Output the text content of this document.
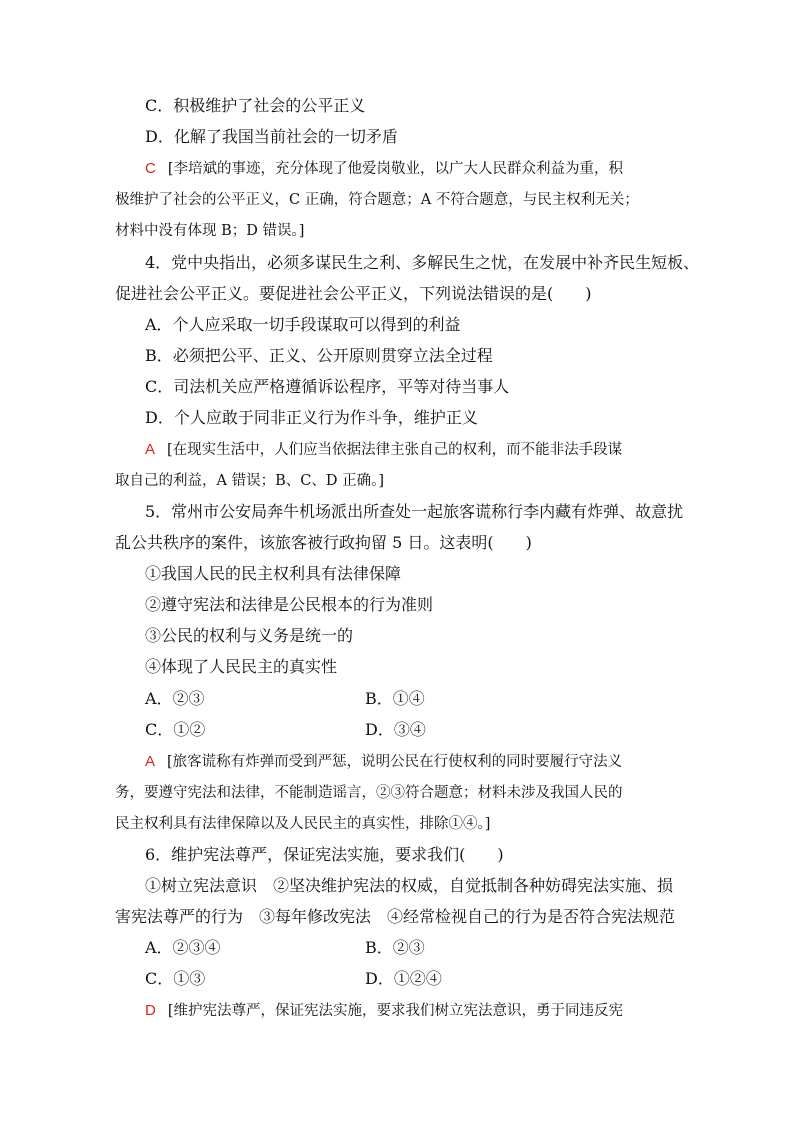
C．积极维护了社会的公平正义
D．化解了我国当前社会的一切矛盾
C [李培斌的事迹，充分体现了他爱岗敬业，以广大人民群众利益为重，积
极维护了社会的公平正义，C 正确，符合题意；A 不符合题意，与民主权利无关；
材料中没有体现 B；D 错误。]
4．党中央指出，必须多谋民生之利、多解民生之忧，在发展中补齐民生短板、
促进社会公平正义。要促进社会公平正义，下列说法错误的是(　　)
A．个人应采取一切手段谋取可以得到的利益
B．必须把公平、正义、公开原则贯穿立法全过程
C．司法机关应严格遵循诉讼程序，平等对待当事人
D．个人应敢于同非正义行为作斗争，维护正义
A [在现实生活中，人们应当依据法律主张自己的权利，而不能非法手段谋
取自己的利益，A 错误；B、C、D 正确。]
5．常州市公安局奔牛机场派出所查处一起旅客谎称行李内藏有炸弹、故意扰
乱公共秩序的案件，该旅客被行政拘留 5 日。这表明(　　)
①我国人民的民主权利具有法律保障
②遵守宪法和法律是公民根本的行为准则
③公民的权利与义务是统一的
④体现了人民民主的真实性
A．②③	B．①④
C．①②	D．③④
A [旅客谎称有炸弹而受到严惩，说明公民在行使权利的同时要履行守法义
务，要遵守宪法和法律，不能制造谣言，②③符合题意；材料未涉及我国人民的
民主权利具有法律保障以及人民民主的真实性，排除①④。]
6．维护宪法尊严，保证宪法实施，要求我们(　　)
①树立宪法意识　②坚决维护宪法的权威，自觉抵制各种妨碍宪法实施、损
害宪法尊严的行为　③每年修改宪法　④经常检视自己的行为是否符合宪法规范
A．②③④	B．②③
C．①③	D．①②④
D [维护宪法尊严，保证宪法实施，要求我们树立宪法意识，勇于同违反宪
